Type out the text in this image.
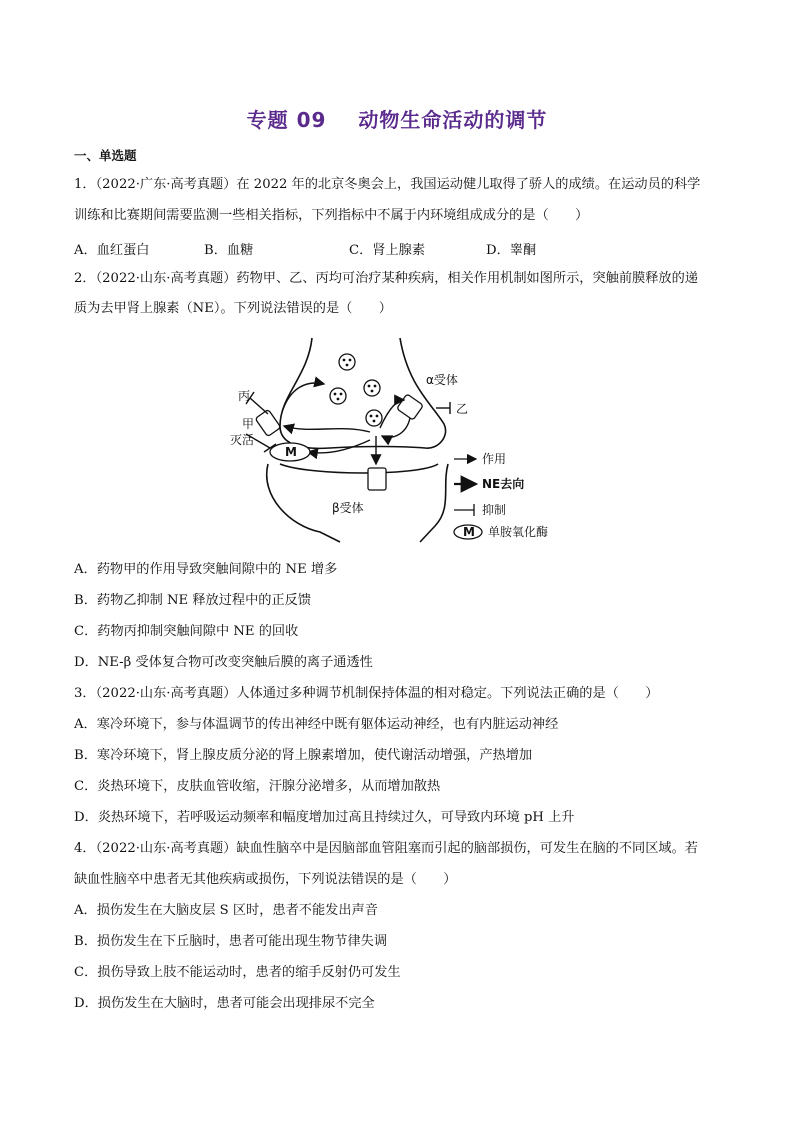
专题 09    动物生命活动的调节
一、单选题
1．（2022·广东·高考真题）在 2022 年的北京冬奥会上，我国运动健儿取得了骄人的成绩。在运动员的科学
训练和比赛期间需要监测一些相关指标，下列指标中不属于内环境组成成分的是（　　）
A．血红蛋白	B．血糖	C．肾上腺素	D．睾酮
2．（2022·山东·高考真题）药物甲、乙、丙均可治疗某种疾病，相关作用机制如图所示，突触前膜释放的递
质为去甲肾上腺素（NE）。下列说法错误的是（　　）
M
丙
甲
灭活
α受体
乙
β受体
作用
NE去向
抑制
M 单胺氧化酶
A．药物甲的作用导致突触间隙中的 NE 增多
B．药物乙抑制 NE 释放过程中的正反馈
C．药物丙抑制突触间隙中 NE 的回收
D．NE-β 受体复合物可改变突触后膜的离子通透性
3．（2022·山东·高考真题）人体通过多种调节机制保持体温的相对稳定。下列说法正确的是（　　）
A．寒冷环境下，参与体温调节的传出神经中既有躯体运动神经，也有内脏运动神经
B．寒冷环境下，肾上腺皮质分泌的肾上腺素增加，使代谢活动增强，产热增加
C．炎热环境下，皮肤血管收缩，汗腺分泌增多，从而增加散热
D．炎热环境下，若呼吸运动频率和幅度增加过高且持续过久，可导致内环境 pH 上升
4．（2022·山东·高考真题）缺血性脑卒中是因脑部血管阻塞而引起的脑部损伤，可发生在脑的不同区域。若
缺血性脑卒中患者无其他疾病或损伤，下列说法错误的是（　　）
A．损伤发生在大脑皮层 S 区时，患者不能发出声音
B．损伤发生在下丘脑时，患者可能出现生物节律失调
C．损伤导致上肢不能运动时，患者的缩手反射仍可发生
D．损伤发生在大脑时，患者可能会出现排尿不完全
